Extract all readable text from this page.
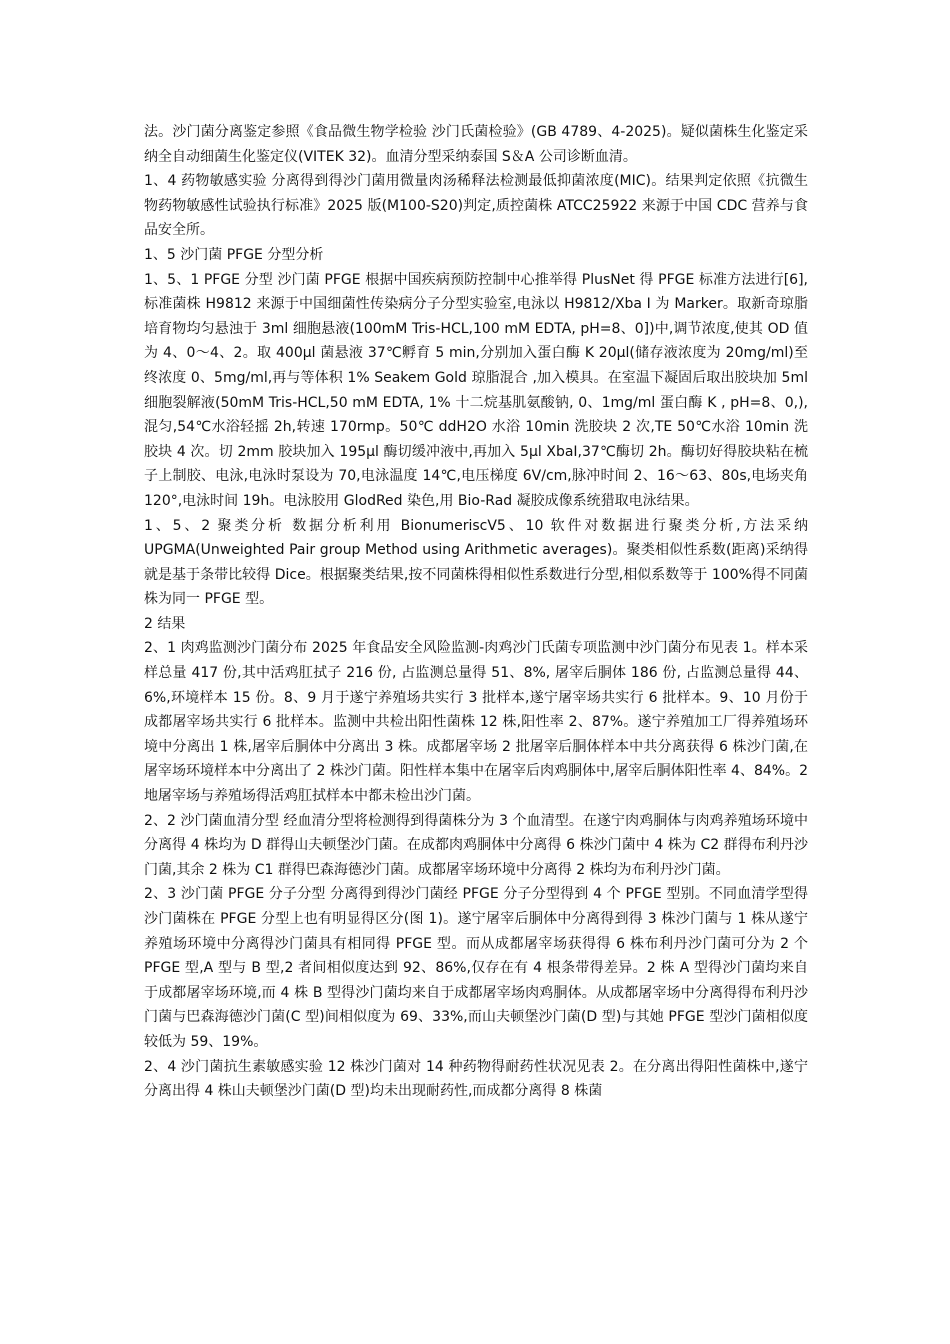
法。沙门菌分离鉴定参照《食品微生物学检验 沙门氏菌检验》(GB 4789、4-2025)。疑似菌株生化鉴定采纳全自动细菌生化鉴定仪(VITEK 32)。血清分型采纳泰国 S＆A 公司诊断血清。

1、4 药物敏感实验 分离得到得沙门菌用微量肉汤稀释法检测最低抑菌浓度(MIC)。结果判定依照《抗微生物药物敏感性试验执行标准》2025 版(M100-S20)判定,质控菌株 ATCC25922 来源于中国 CDC 营养与食品安全所。

1、5 沙门菌 PFGE 分型分析

1、5、1 PFGE 分型 沙门菌 PFGE 根据中国疾病预防控制中心推举得 PlusNet 得 PFGE 标准方法进行[6],标准菌株 H9812 来源于中国细菌性传染病分子分型实验室,电泳以 H9812/Xba I 为 Marker。取新奇琼脂培育物均匀悬浊于 3ml 细胞悬液(100mM Tris-HCL,100 mM EDTA, pH=8、0])中,调节浓度,使其 OD 值为 4、0～4、2。取 400μl 菌悬液 37℃孵育 5 min,分别加入蛋白酶 K 20μl(储存液浓度为 20mg/ml)至终浓度 0、5mg/ml,再与等体积 1% Seakem Gold 琼脂混合 ,加入模具。在室温下凝固后取出胶块加 5ml 细胞裂解液(50mM Tris-HCL,50 mM EDTA, 1% 十二烷基肌氨酸钠, 0、1mg/ml 蛋白酶 K , pH=8、0,),混匀,54℃水浴轻摇 2h,转速 170rmp。50℃ ddH2O 水浴 10min 洗胶块 2 次,TE 50℃水浴 10min 洗胶块 4 次。切 2mm 胶块加入 195μl 酶切缓冲液中,再加入 5μl XbaI,37℃酶切 2h。酶切好得胶块粘在梳子上制胶、电泳,电泳时泵设为 70,电泳温度 14℃,电压梯度 6V/cm,脉冲时间 2、16～63、80s,电场夹角 120°,电泳时间 19h。电泳胶用 GlodRed 染色,用 Bio-Rad 凝胶成像系统猎取电泳结果。

1、5、2 聚类分析 数据分析利用 BionumeriscV5、10 软件对数据进行聚类分析,方法采纳 UPGMA(Unweighted Pair group Method using Arithmetic averages)。聚类相似性系数(距离)采纳得就是基于条带比较得 Dice。根据聚类结果,按不同菌株得相似性系数进行分型,相似系数等于 100%得不同菌株为同一 PFGE 型。

2 结果

2、1 肉鸡监测沙门菌分布 2025 年食品安全风险监测-肉鸡沙门氏菌专项监测中沙门菌分布见表 1。样本采样总量 417 份,其中活鸡肛拭子 216 份, 占监测总量得 51、8%, 屠宰后胴体 186 份, 占监测总量得 44、6%,环境样本 15 份。8、9 月于遂宁养殖场共实行 3 批样本,遂宁屠宰场共实行 6 批样本。9、10 月份于成都屠宰场共实行 6 批样本。监测中共检出阳性菌株 12 株,阳性率 2、87%。遂宁养殖加工厂得养殖场环境中分离出 1 株,屠宰后胴体中分离出 3 株。成都屠宰场 2 批屠宰后胴体样本中共分离获得 6 株沙门菌,在屠宰场环境样本中分离出了 2 株沙门菌。阳性样本集中在屠宰后肉鸡胴体中,屠宰后胴体阳性率 4、84%。2 地屠宰场与养殖场得活鸡肛拭样本中都未检出沙门菌。

2、2 沙门菌血清分型 经血清分型将检测得到得菌株分为 3 个血清型。在遂宁肉鸡胴体与肉鸡养殖场环境中分离得 4 株均为 D 群得山夫顿堡沙门菌。在成都肉鸡胴体中分离得 6 株沙门菌中 4 株为 C2 群得布利丹沙门菌,其余 2 株为 C1 群得巴森海德沙门菌。成都屠宰场环境中分离得 2 株均为布利丹沙门菌。

2、3 沙门菌 PFGE 分子分型 分离得到得沙门菌经 PFGE 分子分型得到 4 个 PFGE 型别。不同血清学型得沙门菌株在 PFGE 分型上也有明显得区分(图 1)。遂宁屠宰后胴体中分离得到得 3 株沙门菌与 1 株从遂宁养殖场环境中分离得沙门菌具有相同得 PFGE 型。而从成都屠宰场获得得 6 株布利丹沙门菌可分为 2 个 PFGE 型,A 型与 B 型,2 者间相似度达到 92、86%,仅存在有 4 根条带得差异。2 株 A 型得沙门菌均来自于成都屠宰场环境,而 4 株 B 型得沙门菌均来自于成都屠宰场肉鸡胴体。从成都屠宰场中分离得得布利丹沙门菌与巴森海德沙门菌(C 型)间相似度为 69、33%,而山夫顿堡沙门菌(D 型)与其她 PFGE 型沙门菌相似度较低为 59、19%。

2、4 沙门菌抗生素敏感实验 12 株沙门菌对 14 种药物得耐药性状况见表 2。在分离出得阳性菌株中,遂宁分离出得 4 株山夫顿堡沙门菌(D 型)均未出现耐药性,而成都分离得 8 株菌
